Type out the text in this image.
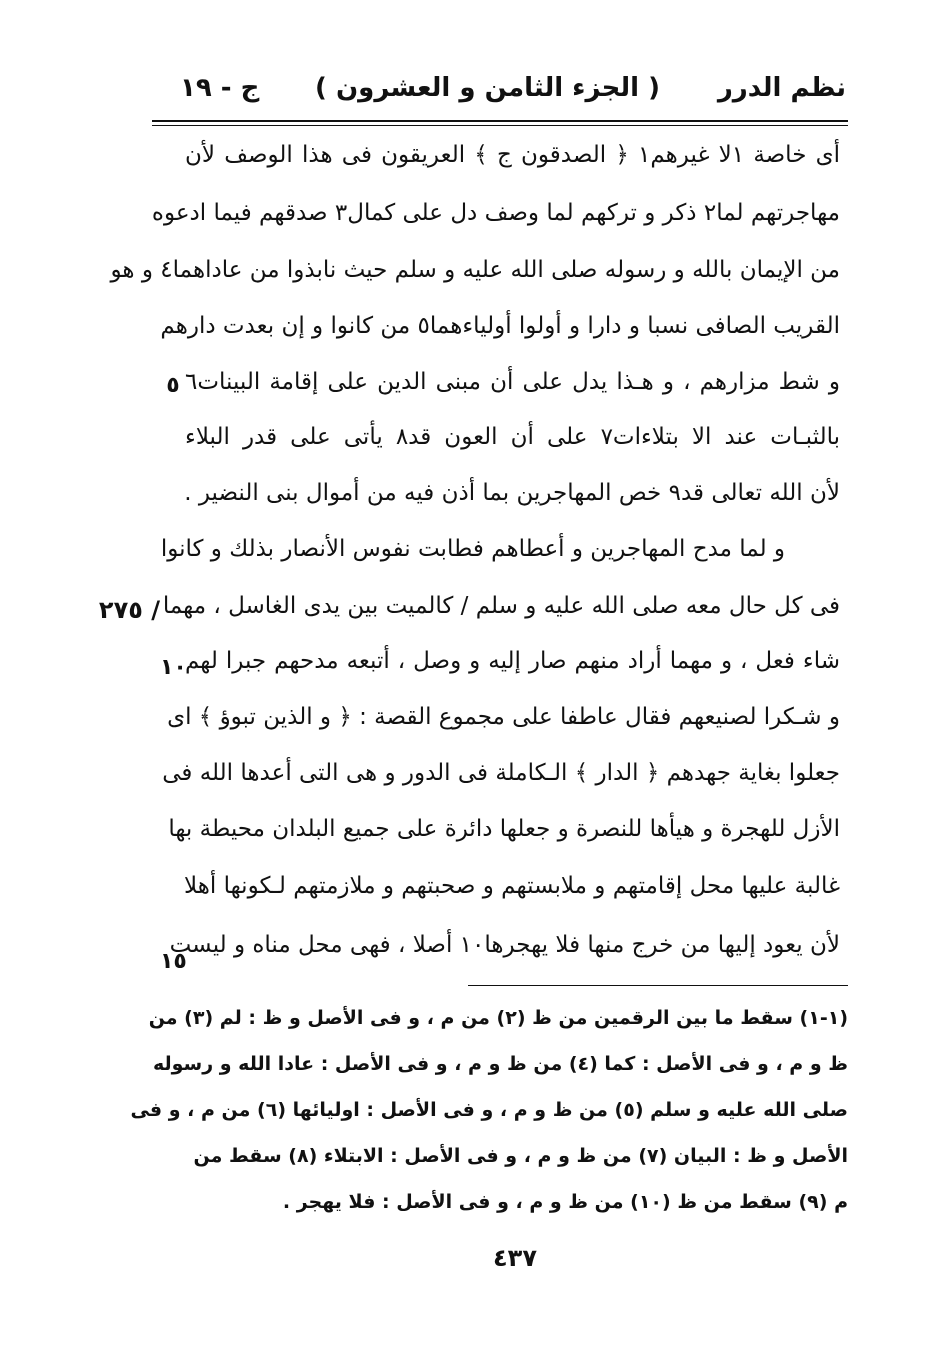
نظم الدرر
( الجزء الثامن و العشرون )
ج - ١٩
أى خاصة ١لا غيرهم١ ﴿ الصدقون ج ﴾ العريقون فى هذا الوصف لأن
مهاجرتهم لما٢ ذكر و تركهم لما وصف دل على كمال٣ صدقهم فيما ادعوه
من الإيمان بالله و رسوله صلى الله عليه و سلم حيث نابذوا من عاداهما٤ و هو
القريب الصافى نسبا و دارا و أولوا أولياءهما٥ من كانوا و إن بعدت دارهم
و شط مزارهم ، و هـذا يدل على أن مبنى الدين على إقامة البينات٦
٥
بالثبـات عند الا بتلاءات٧ على أن العون قد٨ يأتى على قدر البلاء
لأن الله تعالى قد٩ خص المهاجرين بما أذن فيه من أموال بنى النضير .
و لما مدح المهاجرين و أعطاهم فطابت نفوس الأنصار بذلك و كانوا
فى كل حال معه صلى الله عليه و سلم / كالميت بين يدى الغاسل ، مهما
/ ٢٧٥
شاء فعل ، و مهما أراد منهم صار إليه و وصل ، أتبعه مدحهم جبرا لهم
١٠
و شـكرا لصنيعهم فقال عاطفا على مجموع القصة : ﴿ و الذين تبوؤ ﴾ اى
جعلوا بغاية جهدهم ﴿ الدار ﴾ الـكاملة فى الدور و هى التى أعدها الله فى
الأزل للهجرة و هيأها للنصرة و جعلها دائرة على جميع البلدان محيطة بها
غالبة عليها محل إقامتهم و ملابستهم و صحبتهم و ملازمتهم لـكونها أهلا
لأن يعود إليها من خرج منها فلا يهجرها١٠ أصلا ، فهى محل مناه و ليست
١٥
(١-١) سقط ما بين الرقمين من ظ (٢) من م ، و فى الأصل و ظ : لم (٣) من
ظ و م ، و فى الأصل : كما (٤) من ظ و م ، و فى الأصل : عادا الله و رسوله
صلى الله عليه و سلم (٥) من ظ و م ، و فى الأصل : اوليائها (٦) من م ، و فى
الأصل و ظ : البيان (٧) من ظ و م ، و فى الأصل : الابتلاء (٨) سقط من
م (٩) سقط من ظ (١٠) من ظ و م ، و فى الأصل : فلا يهجر .
٤٣٧
